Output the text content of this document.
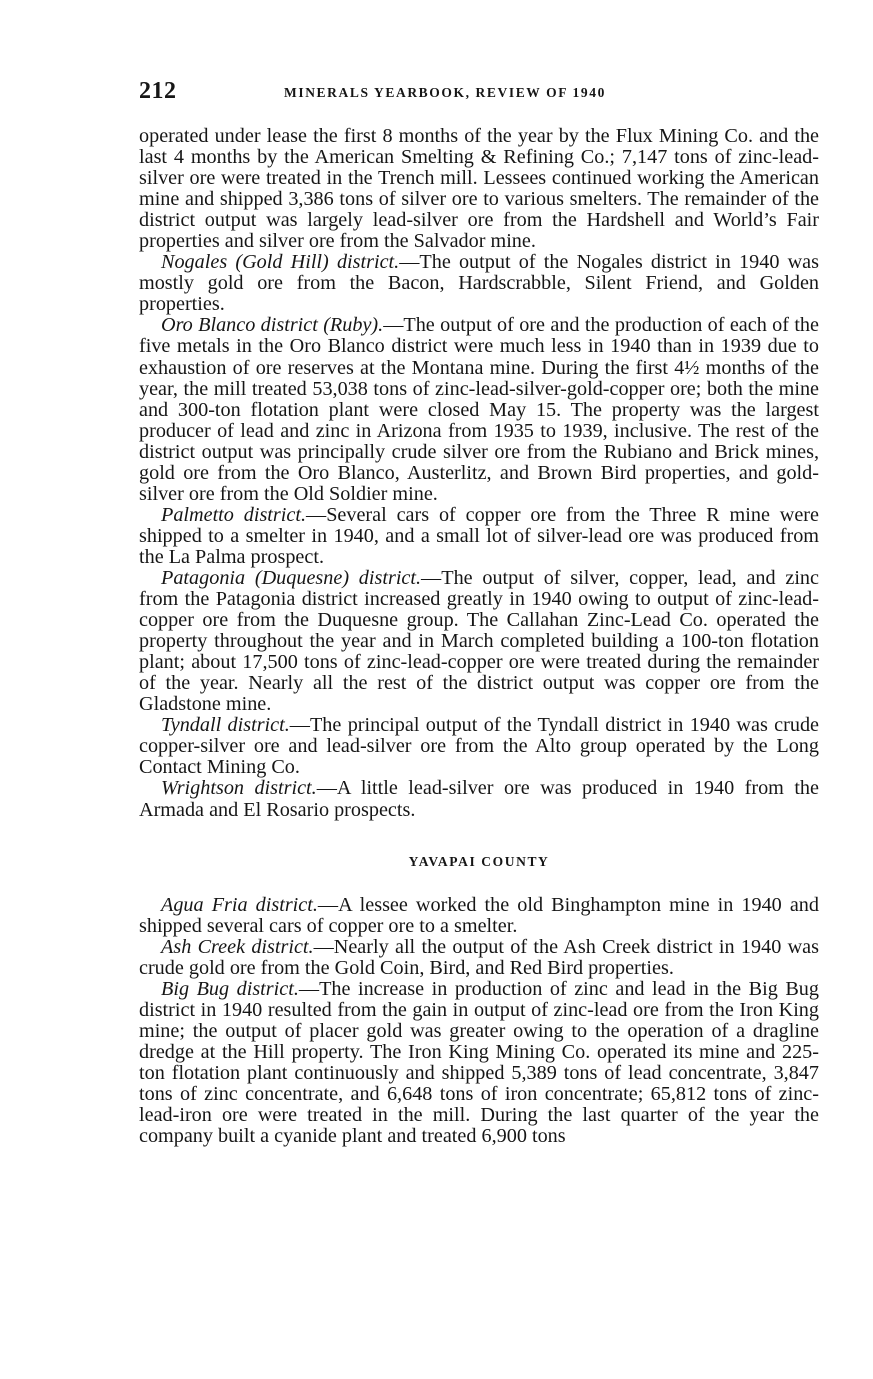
212	MINERALS YEARBOOK, REVIEW OF 1940

operated under lease the first 8 months of the year by the Flux Mining Co. and the last 4 months by the American Smelting & Refining Co.; 7,147 tons of zinc-lead-silver ore were treated in the Trench mill. Lessees continued working the American mine and shipped 3,386 tons of silver ore to various smelters. The remainder of the district output was largely lead-silver ore from the Hardshell and World’s Fair properties and silver ore from the Salvador mine.

Nogales (Gold Hill) district.—The output of the Nogales district in 1940 was mostly gold ore from the Bacon, Hardscrabble, Silent Friend, and Golden properties.

Oro Blanco district (Ruby).—The output of ore and the production of each of the five metals in the Oro Blanco district were much less in 1940 than in 1939 due to exhaustion of ore reserves at the Montana mine. During the first 4½ months of the year, the mill treated 53,038 tons of zinc-lead-silver-gold-copper ore; both the mine and 300-ton flotation plant were closed May 15. The property was the largest producer of lead and zinc in Arizona from 1935 to 1939, inclusive. The rest of the district output was principally crude silver ore from the Rubiano and Brick mines, gold ore from the Oro Blanco, Austerlitz, and Brown Bird properties, and gold-silver ore from the Old Soldier mine.

Palmetto district.—Several cars of copper ore from the Three R mine were shipped to a smelter in 1940, and a small lot of silver-lead ore was produced from the La Palma prospect.

Patagonia (Duquesne) district.—The output of silver, copper, lead, and zinc from the Patagonia district increased greatly in 1940 owing to output of zinc-lead-copper ore from the Duquesne group. The Callahan Zinc-Lead Co. operated the property throughout the year and in March completed building a 100-ton flotation plant; about 17,500 tons of zinc-lead-copper ore were treated during the remainder of the year. Nearly all the rest of the district output was copper ore from the Gladstone mine.

Tyndall district.—The principal output of the Tyndall district in 1940 was crude copper-silver ore and lead-silver ore from the Alto group operated by the Long Contact Mining Co.

Wrightson district.—A little lead-silver ore was produced in 1940 from the Armada and El Rosario prospects.

YAVAPAI COUNTY

Agua Fria district.—A lessee worked the old Binghampton mine in 1940 and shipped several cars of copper ore to a smelter.

Ash Creek district.—Nearly all the output of the Ash Creek district in 1940 was crude gold ore from the Gold Coin, Bird, and Red Bird properties.

Big Bug district.—The increase in production of zinc and lead in the Big Bug district in 1940 resulted from the gain in output of zinc-lead ore from the Iron King mine; the output of placer gold was greater owing to the operation of a dragline dredge at the Hill property. The Iron King Mining Co. operated its mine and 225-ton flotation plant continuously and shipped 5,389 tons of lead concentrate, 3,847 tons of zinc concentrate, and 6,648 tons of iron concentrate; 65,812 tons of zinc-lead-iron ore were treated in the mill. During the last quarter of the year the company built a cyanide plant and treated 6,900 tons
